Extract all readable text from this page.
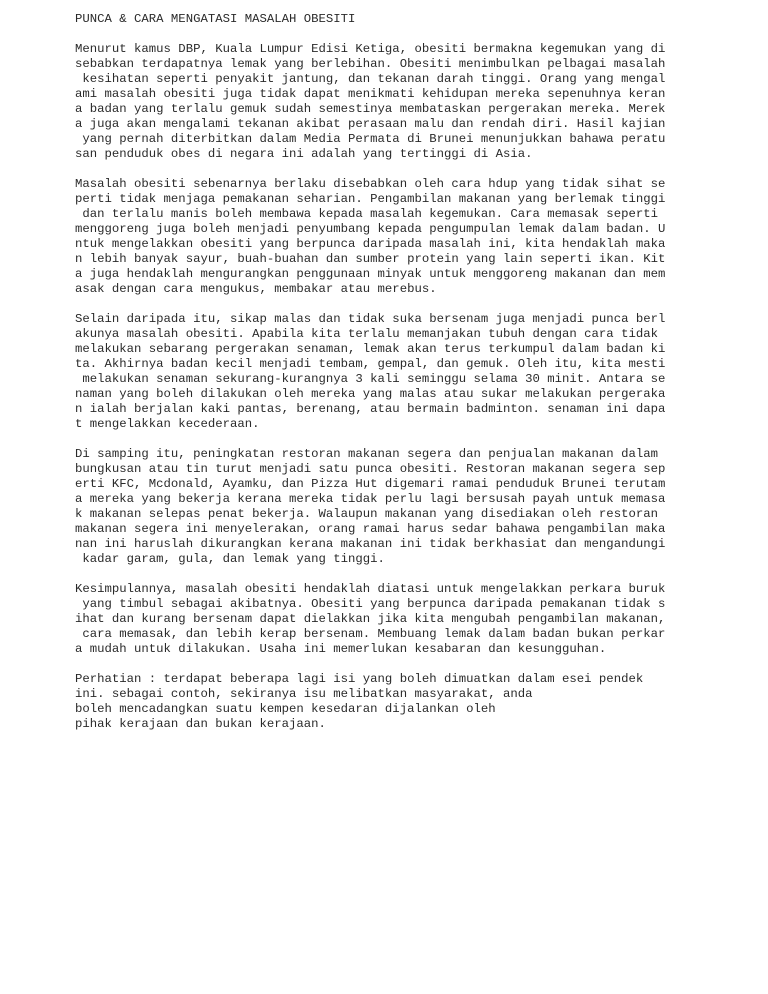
PUNCA & CARA MENGATASI MASALAH OBESITI
Menurut kamus DBP, Kuala Lumpur Edisi Ketiga, obesiti bermakna kegemukan yang di
sebabkan terdapatnya lemak yang berlebihan. Obesiti menimbulkan pelbagai masalah
kesihatan seperti penyakit jantung, dan tekanan darah tinggi. Orang yang mengal
ami masalah obesiti juga tidak dapat menikmati kehidupan mereka sepenuhnya keran
a badan yang terlalu gemuk sudah semestinya membataskan pergerakan mereka. Merek
a juga akan mengalami tekanan akibat perasaan malu dan rendah diri. Hasil kajian
yang pernah diterbitkan dalam Media Permata di Brunei menunjukkan bahawa peratu
san penduduk obes di negara ini adalah yang tertinggi di Asia.
Masalah obesiti sebenarnya berlaku disebabkan oleh cara hdup yang tidak sihat se
perti tidak menjaga pemakanan seharian. Pengambilan makanan yang berlemak tinggi
dan terlalu manis boleh membawa kepada masalah kegemukan. Cara memasak seperti
menggoreng juga boleh menjadi penyumbang kepada pengumpulan lemak dalam badan. U
ntuk mengelakkan obesiti yang berpunca daripada masalah ini, kita hendaklah maka
n lebih banyak sayur, buah-buahan dan sumber protein yang lain seperti ikan. Kit
a juga hendaklah mengurangkan penggunaan minyak untuk menggoreng makanan dan mem
asak dengan cara mengukus, membakar atau merebus.
Selain daripada itu, sikap malas dan tidak suka bersenam juga menjadi punca berl
akunya masalah obesiti. Apabila kita terlalu memanjakan tubuh dengan cara tidak
melakukan sebarang pergerakan senaman, lemak akan terus terkumpul dalam badan ki
ta. Akhirnya badan kecil menjadi tembam, gempal, dan gemuk. Oleh itu, kita mesti
melakukan senaman sekurang-kurangnya 3 kali seminggu selama 30 minit. Antara se
naman yang boleh dilakukan oleh mereka yang malas atau sukar melakukan pergeraka
n ialah berjalan kaki pantas, berenang, atau bermain badminton. senaman ini dapa
t mengelakkan kecederaan.
Di samping itu, peningkatan restoran makanan segera dan penjualan makanan dalam
bungkusan atau tin turut menjadi satu punca obesiti. Restoran makanan segera sep
erti KFC, Mcdonald, Ayamku, dan Pizza Hut digemari ramai penduduk Brunei terutam
a mereka yang bekerja kerana mereka tidak perlu lagi bersusah payah untuk memasa
k makanan selepas penat bekerja. Walaupun makanan yang disediakan oleh restoran
makanan segera ini menyelerakan, orang ramai harus sedar bahawa pengambilan maka
nan ini haruslah dikurangkan kerana makanan ini tidak berkhasiat dan mengandungi
kadar garam, gula, dan lemak yang tinggi.
Kesimpulannya, masalah obesiti hendaklah diatasi untuk mengelakkan perkara buruk
yang timbul sebagai akibatnya. Obesiti yang berpunca daripada pemakanan tidak s
ihat dan kurang bersenam dapat dielakkan jika kita mengubah pengambilan makanan,
cara memasak, dan lebih kerap bersenam. Membuang lemak dalam badan bukan perkar
a mudah untuk dilakukan. Usaha ini memerlukan kesabaran dan kesungguhan.
Perhatian : terdapat beberapa lagi isi yang boleh dimuatkan dalam esei pendek
ini. sebagai contoh, sekiranya isu melibatkan masyarakat, anda
boleh mencadangkan suatu kempen kesedaran dijalankan oleh
pihak kerajaan dan bukan kerajaan.
